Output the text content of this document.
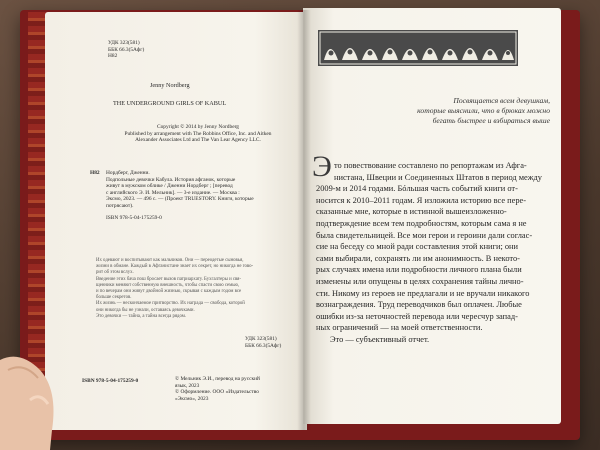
УДК 323(581)
ББК 66.3(5Афг)
Н82
Jenny Nordberg
THE UNDERGROUND GIRLS OF KABUL
Copyright © 2014 by Jenny Nordberg
Published by arrangement with The Robbins Office, Inc. and Aitken
Alexander Associates Ltd and The Van Lear Agency LLC.
Н82 Нордберг, Дженни.
Подпольные девочки Кабула. История афганок, которые
живут в мужском облике / Дженни Нордберг ; [перевод
с английского Э. И. Мельник]. — 3-е издание. — Москва :
Эксмо, 2023. — 496 с. — (Проект TRUESTORY. Книги, которые
потрясают).
ISBN 978-5-04-175259-0
Их одевают и воспитывают как мальчиков. Они — переодетые сыновья,
жизни в обмане. Каждый в Афганистане знает их секрет, но никогда не гово-
рит об этом вслух.
Введение этих бача пош бросает вызов патриархату. Бухгалтеры и свя-
щенники меняют собственную внешность, чтобы спасти свою семью,
и по вечерам они живут двойной жизнью, скрывая с каждым годом все
больше секретов.
Их жизнь — нескончаемое притворство. Их награда — свобода, которой
они никогда бы не узнали, оставаясь девочками.
Это девочки — тайна, а тайна всегда рядом.
УДК 323(581)
ББК 66.3(5Афг)
ISBN 978-5-04-175259-0	© Мельник Э.И., перевод на русский
язык, 2023
© Оформление. ООО «Издательство
«Эксмо», 2023
Посвящается всем девушкам,
которые выяснили, что в брюках можно
бегать быстрее и взбираться выше
Э то повествование составлено по репортажам из Афга-
нистана, Швеции и Соединенных Штатов в период между
2009-м и 2014 годами. Бóльшая часть событий книги от-
носится к 2010–2011 годам. Я изложила историю все пере-
сказанные мне, которые в истинной вышеизложенно-
подтверждение всем тем подробностям, которым сама я не
была свидетельницей. Все мои герои и героини дали соглас-
сие на беседу со мной ради составления этой книги; они
сами выбирали, сохранять ли им анонимность. В некото-
рых случаях имена или подробности личного плана были
изменены или опущены в целях сохранения тайны лично-
сти. Никому из героев не предлагали и не вручали никакого
вознаграждения. Труд переводчиков был оплачен. Любые
ошибки из-за неточностей перевода или чересчур запад-
ных ограничений — на моей ответственности.
Это — субъективный отчет.
